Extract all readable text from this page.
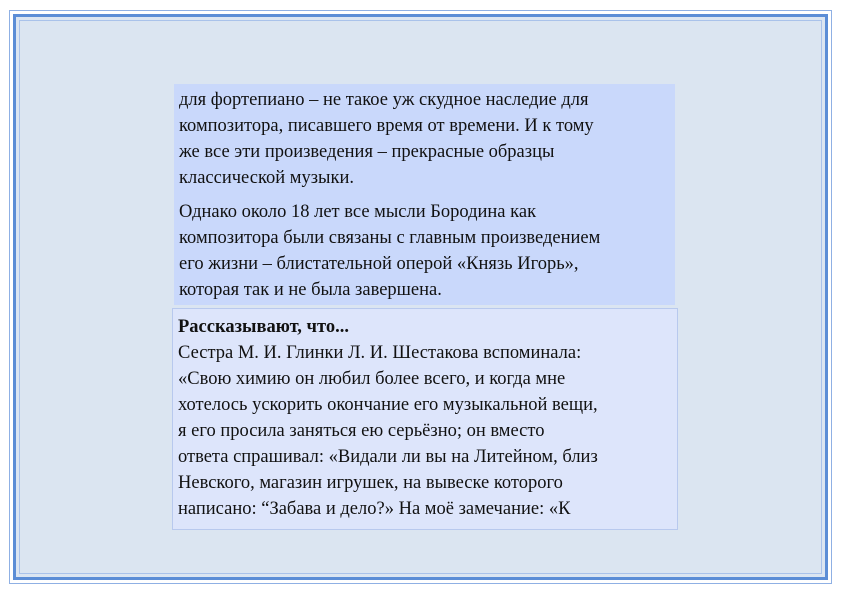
для фортепиано – не такое уж скудное наследие для

композитора, писавшего время от времени. И к тому

же все эти произведения – прекрасные образцы

классической музыки.

Однако около 18 лет все мысли Бородина как

композитора были связаны с главным произведением

его жизни – блистательной оперой «Князь Игорь»,

которая так и не была завершена.

Рассказывают, что...

Сестра М. И. Глинки Л. И. Шестакова вспоминала:

«Свою химию он любил более всего, и когда мне

хотелось ускорить окончание его музыкальной вещи,

я его просила заняться ею серьёзно; он вместо

ответа спрашивал: «Видали ли вы на Литейном, близ

Невского, магазин игрушек, на вывеске которого

написано: “Забава и дело?» На моё замечание: «К
